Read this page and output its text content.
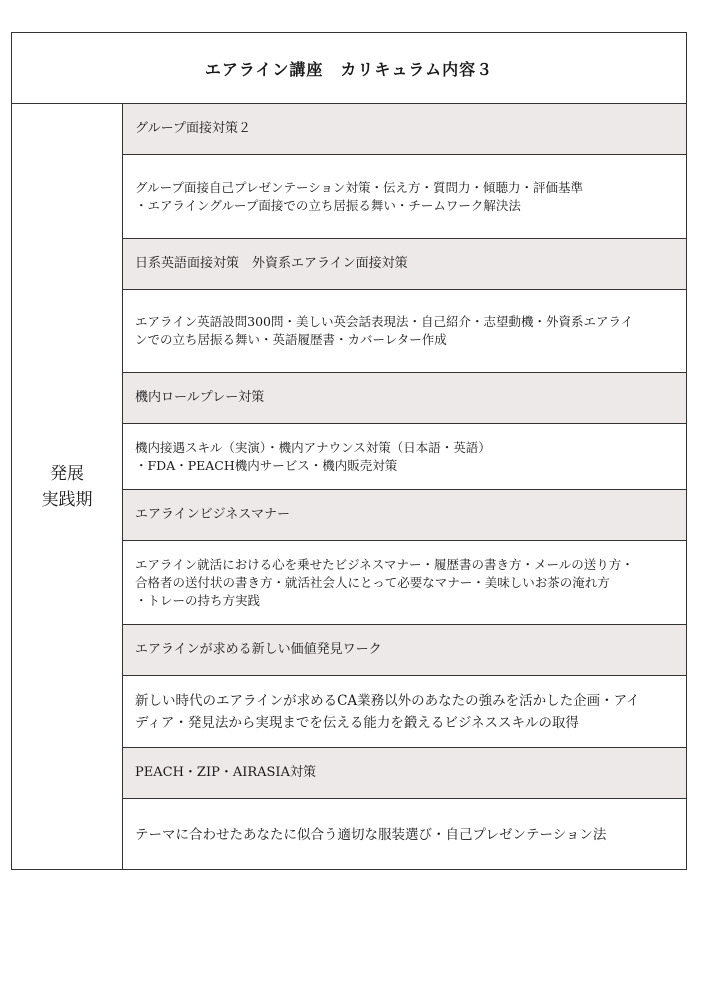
エアライン講座　カリキュラム内容３
発展
実践期
グループ面接対策２
グループ面接自己プレゼンテーション対策・伝え方・質問力・傾聴力・評価基準
・エアライングループ面接での立ち居振る舞い・チームワーク解決法
日系英語面接対策　外資系エアライン面接対策
エアライン英語設問300問・美しい英会話表現法・自己紹介・志望動機・外資系エアライ
ンでの立ち居振る舞い・英語履歴書・カバーレター作成
機内ロールプレー対策
機内接遇スキル（実演）・機内アナウンス対策（日本語・英語）
・FDA・PEACH機内サービス・機内販売対策
エアラインビジネスマナー
エアライン就活における心を乗せたビジネスマナー・履歴書の書き方・メールの送り方・
合格者の送付状の書き方・就活社会人にとって必要なマナー・美味しいお茶の淹れ方
・トレーの持ち方実践
エアラインが求める新しい価値発見ワーク
新しい時代のエアラインが求めるCA業務以外のあなたの強みを活かした企画・アイ
ディア・発見法から実現までを伝える能力を鍛えるビジネススキルの取得
PEACH・ZIP・AIRASIA対策
テーマに合わせたあなたに似合う適切な服装選び・自己プレゼンテーション法
